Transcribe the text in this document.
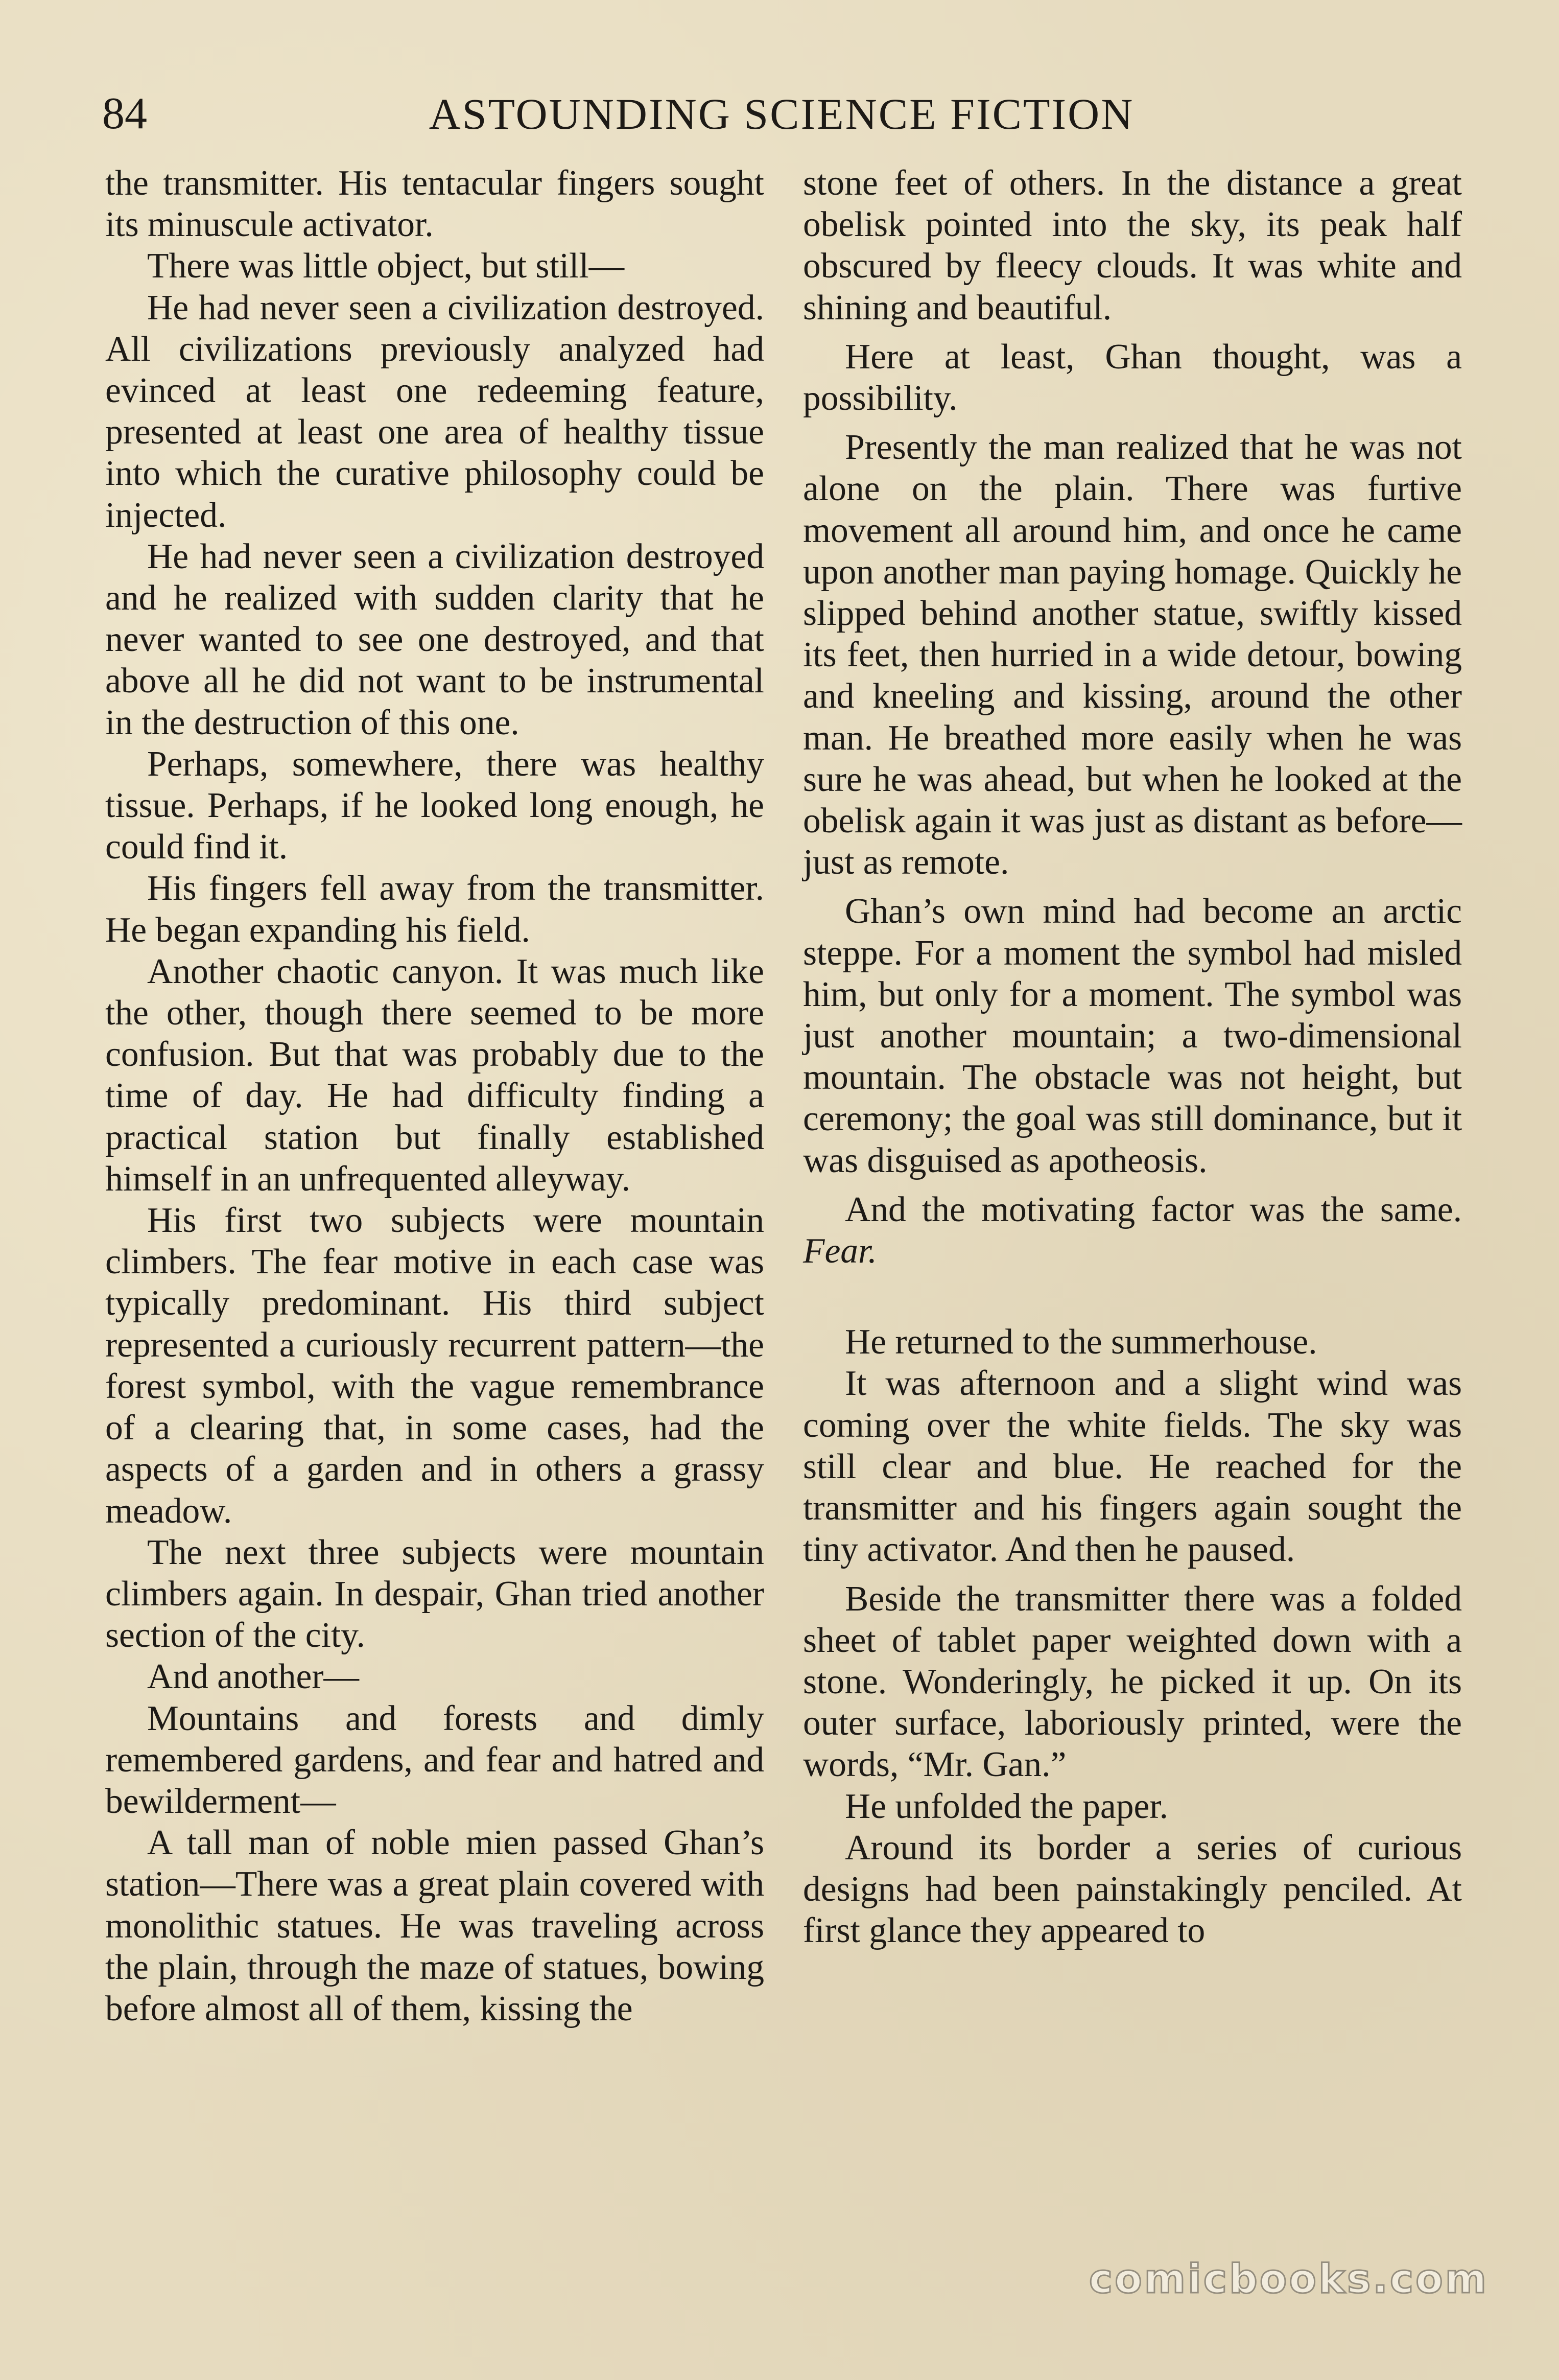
84	ASTOUNDING SCIENCE FICTION

the transmitter. His tentacular fingers sought its minuscule activator.

There was little object, but still—

He had never seen a civilization destroyed. All civilizations previously analyzed had evinced at least one redeeming feature, presented at least one area of healthy tissue into which the curative philosophy could be injected.

He had never seen a civilization destroyed and he realized with sudden clarity that he never wanted to see one destroyed, and that above all he did not want to be instrumental in the destruction of this one.

Perhaps, somewhere, there was healthy tissue. Perhaps, if he looked long enough, he could find it.

His fingers fell away from the transmitter. He began expanding his field.

Another chaotic canyon. It was much like the other, though there seemed to be more confusion. But that was probably due to the time of day. He had difficulty finding a practical station but finally established himself in an unfrequented alleyway.

His first two subjects were mountain climbers. The fear motive in each case was typically predominant. His third subject represented a curiously recurrent pattern—the forest symbol, with the vague remembrance of a clearing that, in some cases, had the aspects of a garden and in others a grassy meadow.

The next three subjects were mountain climbers again. In despair, Ghan tried another section of the city.

And another—

Mountains and forests and dimly remembered gardens, and fear and hatred and bewilderment—

A tall man of noble mien passed Ghan’s station—There was a great plain covered with monolithic statues. He was traveling across the plain, through the maze of statues, bowing before almost all of them, kissing the

stone feet of others. In the distance a great obelisk pointed into the sky, its peak half obscured by fleecy clouds. It was white and shining and beautiful.

Here at least, Ghan thought, was a possibility.

Presently the man realized that he was not alone on the plain. There was furtive movement all around him, and once he came upon another man paying homage. Quickly he slipped behind another statue, swiftly kissed its feet, then hurried in a wide detour, bowing and kneeling and kissing, around the other man. He breathed more easily when he was sure he was ahead, but when he looked at the obelisk again it was just as distant as before—just as remote.

Ghan’s own mind had become an arctic steppe. For a moment the symbol had misled him, but only for a moment. The symbol was just another mountain; a two-dimensional mountain. The obstacle was not height, but ceremony; the goal was still dominance, but it was disguised as apotheosis.

And the motivating factor was the same. Fear.

He returned to the summerhouse.

It was afternoon and a slight wind was coming over the white fields. The sky was still clear and blue. He reached for the transmitter and his fingers again sought the tiny activator. And then he paused.

Beside the transmitter there was a folded sheet of tablet paper weighted down with a stone. Wonderingly, he picked it up. On its outer surface, laboriously printed, were the words, “Mr. Gan.”

He unfolded the paper.

Around its border a series of curious designs had been painstakingly penciled. At first glance they appeared to

comicbooks.com
